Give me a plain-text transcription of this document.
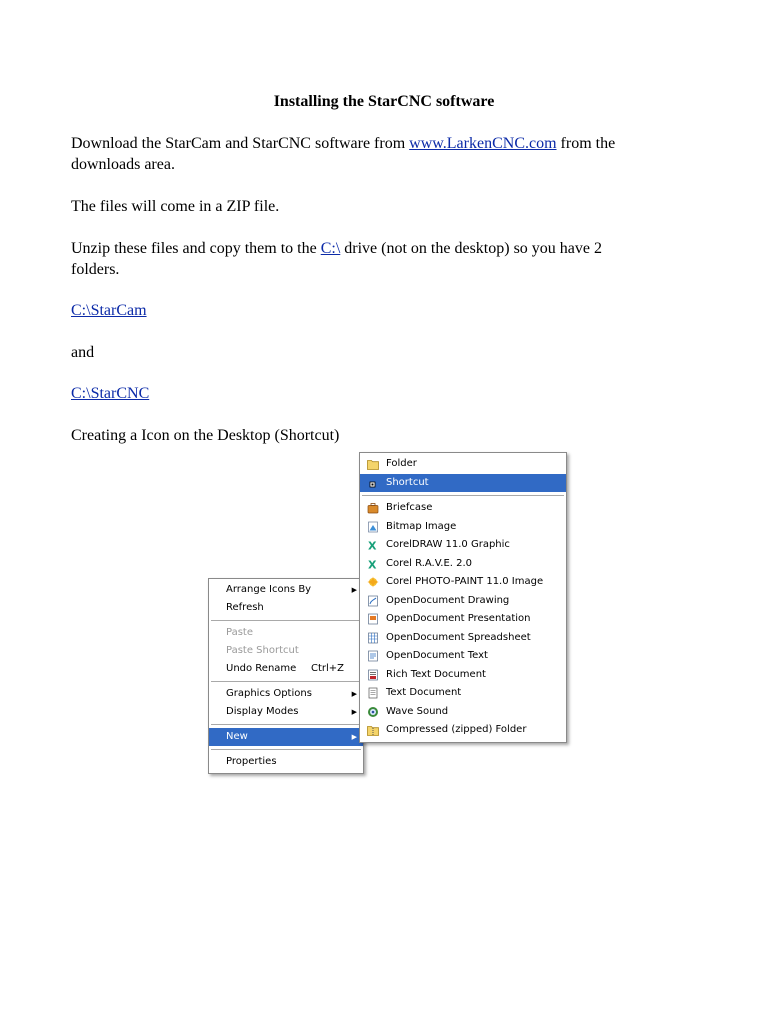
Installing the StarCNC software
Download the StarCam and StarCNC software from www.LarkenCNC.com from the
downloads area.
The files will come in a ZIP file.
Unzip these files and copy them to the C:\ drive (not on the desktop) so you have 2
folders.
C:\StarCam
and
C:\StarCNC
Creating a Icon on the Desktop (Shortcut)
Arrange Icons By	▶
Refresh
Paste
Paste Shortcut
Undo Rename Ctrl+Z
Graphics Options	▶
Display Modes	▶
New	▶
Properties
Folder
Shortcut
Briefcase
Bitmap Image
X CorelDRAW 11.0 Graphic
X Corel R.A.V.E. 2.0
Corel PHOTO-PAINT 11.0 Image
OpenDocument Drawing
OpenDocument Presentation
OpenDocument Spreadsheet
OpenDocument Text
Rich Text Document
Text Document
Wave Sound
Compressed (zipped) Folder
